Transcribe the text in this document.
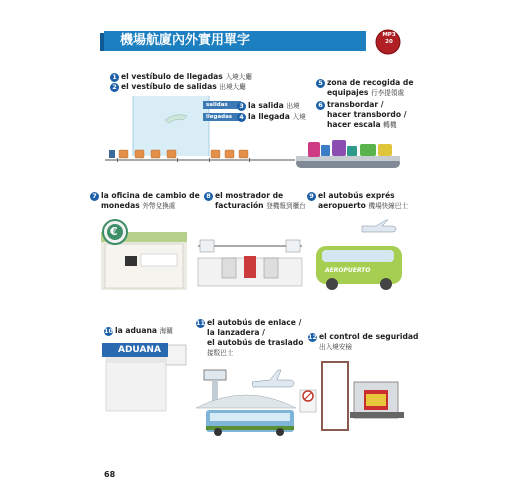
機場航廈內外實用單字	MP3
20
1 el vestíbulo de llegadas 入境大廳
2 el vestíbulo de salidas 出境大廳
salidas
llegadas
3 la salida 出境
4 la llegada 入境
5 zona de recogida de
equipajes 行李提領處
6 transbordar /
hacer transbordo /
hacer escala 轉機
7 la oficina de cambio de
monedas 外幣兌換處
8 el mostrador de
facturación 登機報到櫃台
9 el autobús exprés
aeropuerto 機場快線巴士
€
AEROPUERTO
10 la aduana 海關
11 el autobús de enlace /
la lanzadera /
el autobús de traslado
接駁巴士
12 el control de seguridad
出入境安檢
ADUANA
68
